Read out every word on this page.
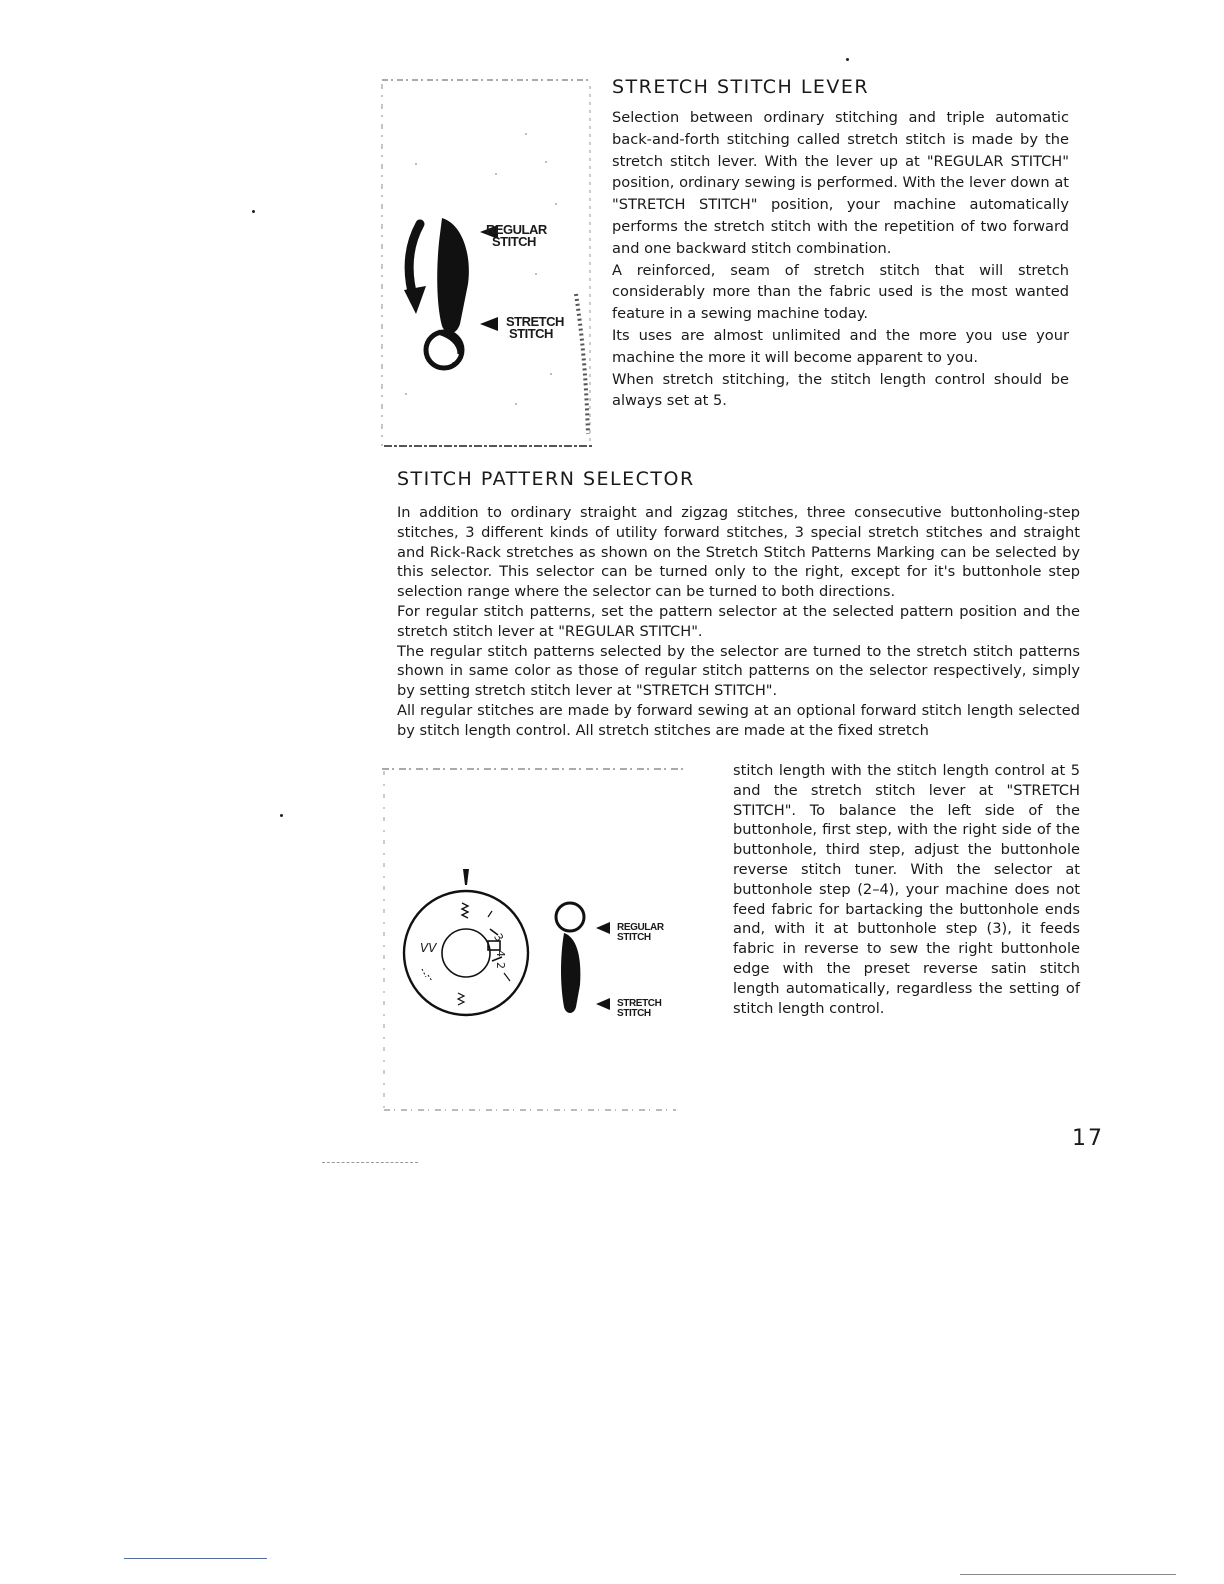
REGULAR
STITCH
STRETCH
STITCH
STRETCH STITCH LEVER

Selection between ordinary stitching and triple automatic back-and-forth stitching called stretch stitch is made by the stretch stitch lever. With the lever up at "REGULAR STITCH" position, ordinary sewing is performed. With the lever down at "STRETCH STITCH" position, your machine automatically performs the stretch stitch with the repetition of two forward and one backward stitch combination.

A reinforced, seam of stretch stitch that will stretch considerably more than the fabric used is the most wanted feature in a sewing machine today.

Its uses are almost unlimited and the more you use your machine the more it will become apparent to you.

When stretch stitching, the stitch length control should be always set at 5.

STITCH PATTERN SELECTOR

In addition to ordinary straight and zigzag stitches, three consecutive buttonholing-step stitches, 3 different kinds of utility forward stitches, 3 special stretch stitches and straight and Rick-Rack stretches as shown on the Stretch Stitch Patterns Marking can be selected by this selector. This selector can be turned only to the right, except for it's buttonhole step selection range where the selector can be turned to both directions.

For regular stitch patterns, set the pattern selector at the selected pattern position and the stretch stitch lever at "REGULAR STITCH".

The regular stitch patterns selected by the selector are turned to the stretch stitch patterns shown in same color as those of regular stitch patterns on the selector respectively, simply by setting stretch stitch lever at "STRETCH STITCH".

All regular stitches are made by forward sewing at an optional forward stitch length selected by stitch length control. All stretch stitches are made at the fixed stretch

stitch length with the stitch length control at 5 and the stretch stitch lever at "STRETCH STITCH". To balance the left side of the buttonhole, first step, with the right side of the buttonhole, third step, adjust the buttonhole reverse stitch tuner. With the selector at buttonhole step (2–4), your machine does not feed fabric for bartacking the buttonhole ends and, with it at buttonhole step (3), it feeds fabric in reverse to sew the right buttonhole edge with the preset reverse satin stitch length automatically, regardless the setting of stitch length control.

3
4
2
VV
REGULAR
STITCH
STRETCH
STITCH
17
